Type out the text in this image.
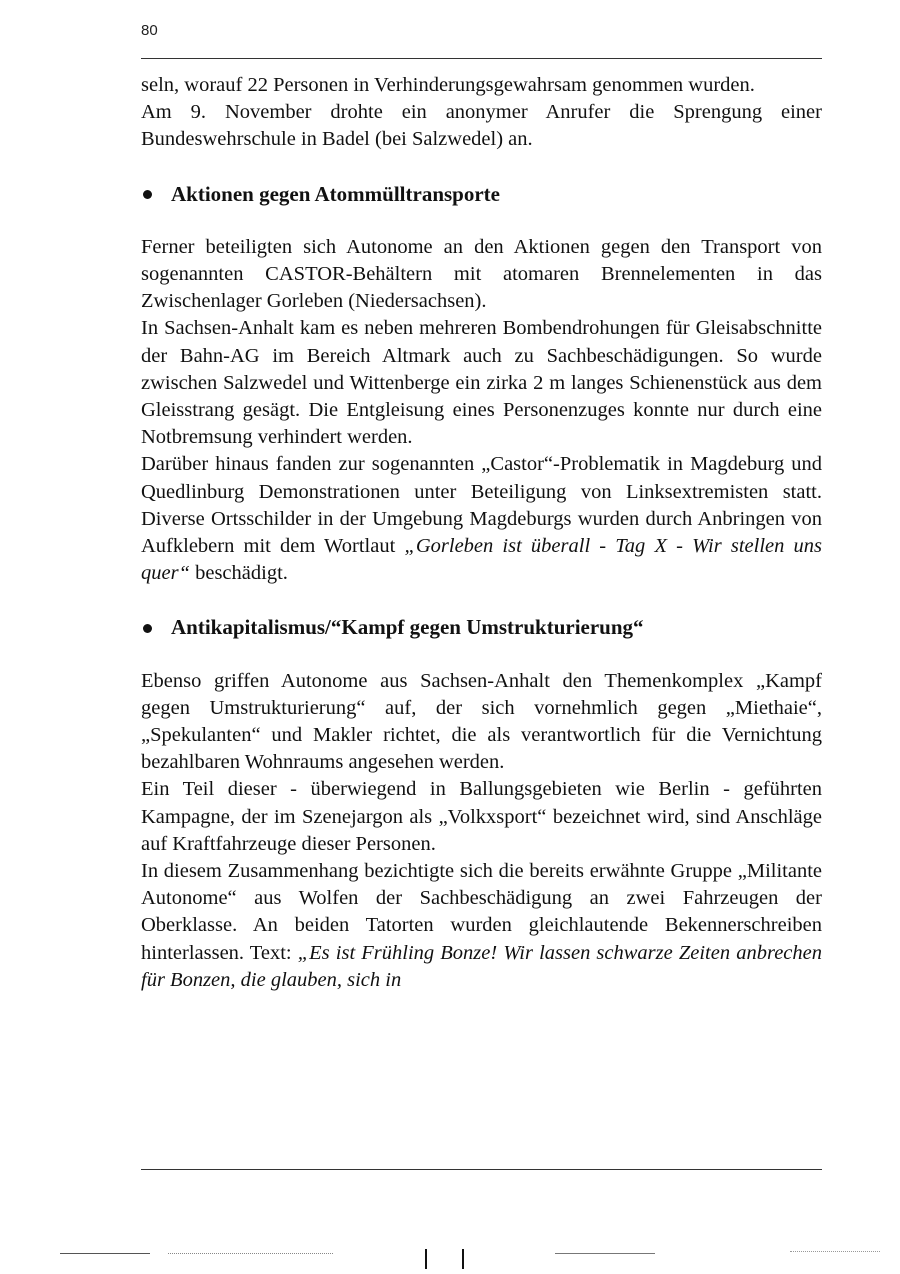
80

seln, worauf 22 Personen in Verhinderungsgewahrsam genommen wurden.

Am 9. November drohte ein anonymer Anrufer die Sprengung einer Bundeswehrschule in Badel (bei Salzwedel) an.

Aktionen gegen Atommülltransporte

Ferner beteiligten sich Autonome an den Aktionen gegen den Transport von sogenannten CASTOR-Behältern mit atomaren Brennelementen in das Zwischenlager Gorleben (Niedersachsen).

In Sachsen-Anhalt kam es neben mehreren Bombendrohungen für Gleisabschnitte der Bahn-AG im Bereich Altmark auch zu Sachbeschädigungen. So wurde zwischen Salzwedel und Wittenberge ein zirka 2 m langes Schienenstück aus dem Gleisstrang gesägt. Die Entgleisung eines Personenzuges konnte nur durch eine Notbremsung verhindert werden.

Darüber hinaus fanden zur sogenannten „Castor“-Problematik in Magdeburg und Quedlinburg Demonstrationen unter Beteiligung von Linksextremisten statt. Diverse Ortsschilder in der Umgebung Magdeburgs wurden durch Anbringen von Aufklebern mit dem Wortlaut „Gorleben ist überall - Tag X - Wir stellen uns quer“ beschädigt.

Antikapitalismus/“Kampf gegen Umstrukturierung“

Ebenso griffen Autonome aus Sachsen-Anhalt den Themenkomplex „Kampf gegen Umstrukturierung“ auf, der sich vornehmlich gegen „Miethaie“, „Spekulanten“ und Makler richtet, die als verantwortlich für die Vernichtung bezahlbaren Wohnraums angesehen werden.

Ein Teil dieser - überwiegend in Ballungsgebieten wie Berlin - geführten Kampagne, der im Szenejargon als „Volkxsport“ bezeichnet wird, sind Anschläge auf Kraftfahrzeuge dieser Personen.

In diesem Zusammenhang bezichtigte sich die bereits erwähnte Gruppe „Militante Autonome“ aus Wolfen der Sachbeschädigung an zwei Fahrzeugen der Oberklasse. An beiden Tatorten wurden gleichlautende Bekennerschreiben hinterlassen. Text: „Es ist Frühling Bonze! Wir lassen schwarze Zeiten anbrechen für Bonzen, die glauben, sich in
